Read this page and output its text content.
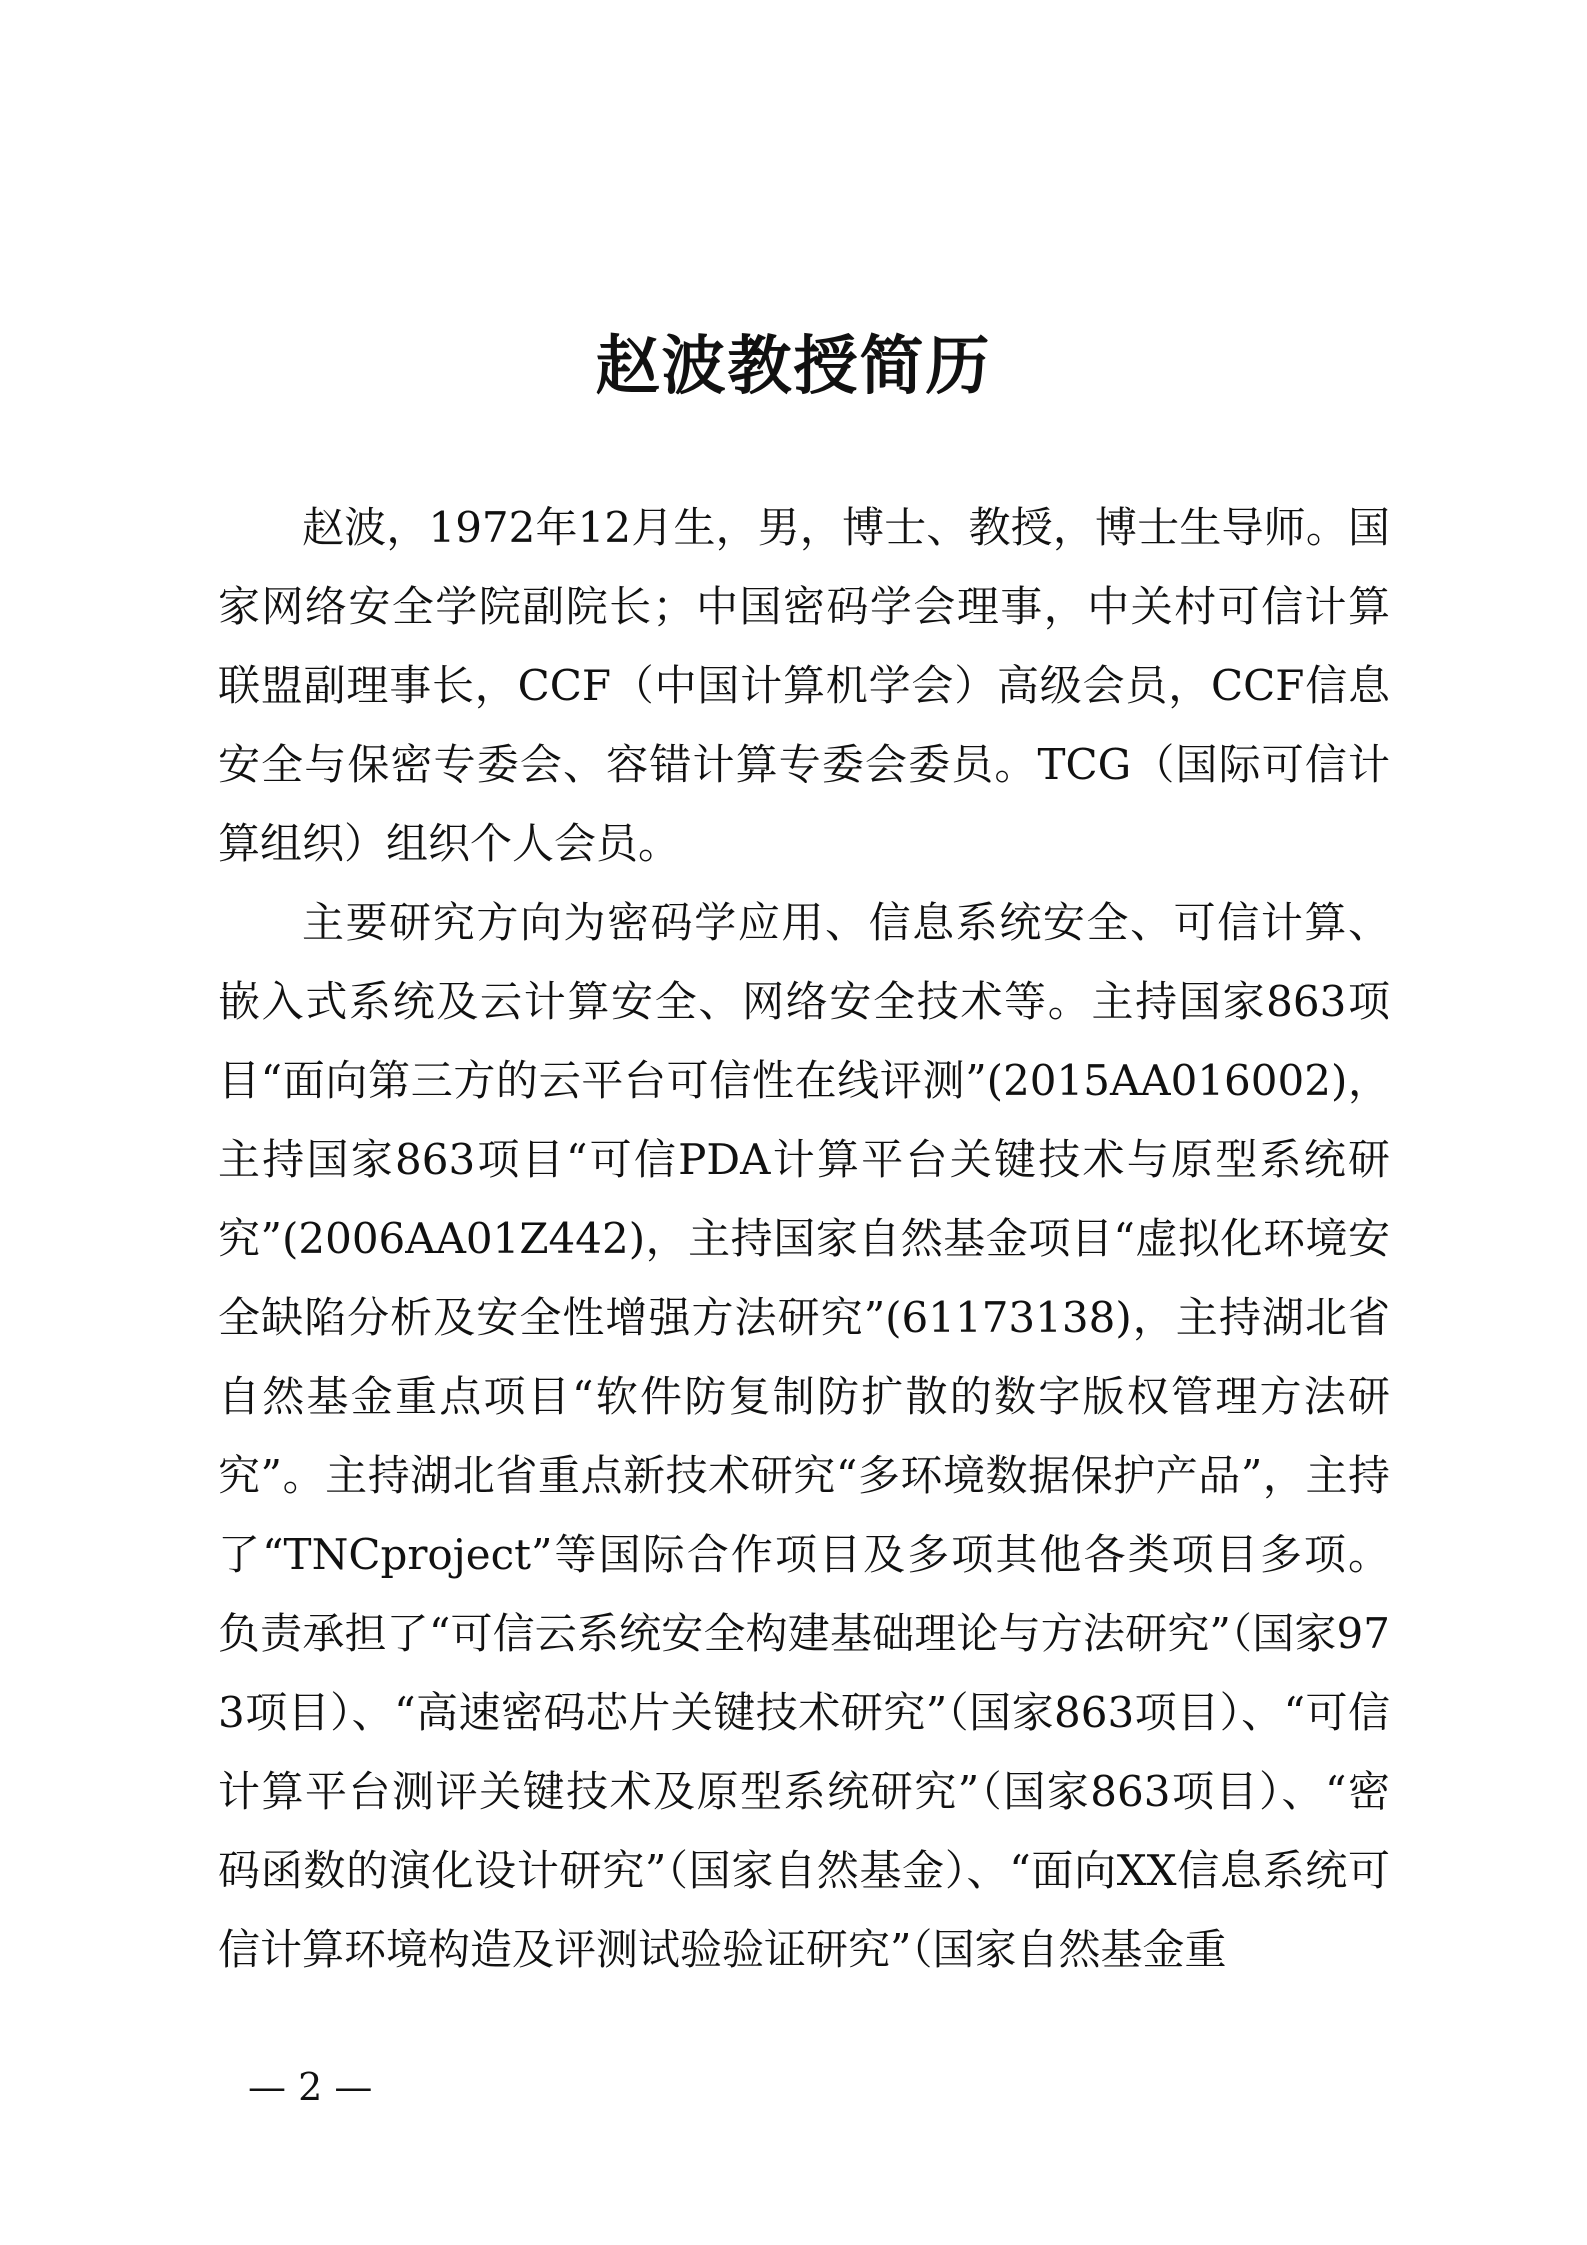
赵波教授简历

赵波，1972年12月生，男，博士、教授，博士生导师。国家网络安全学院副院长；中国密码学会理事，中关村可信计算联盟副理事长，CCF（中国计算机学会）高级会员，CCF信息安全与保密专委会、容错计算专委会委员。TCG（国际可信计算组织）组织个人会员。

主要研究方向为密码学应用、信息系统安全、可信计算、嵌入式系统及云计算安全、网络安全技术等。主持国家863项目“面向第三方的云平台可信性在线评测”(2015AA016002)，主持国家863项目“可信PDA计算平台关键技术与原型系统研究”(2006AA01Z442)，主持国家自然基金项目“虚拟化环境安全缺陷分析及安全性增强方法研究”(61173138)，主持湖北省自然基金重点项目“软件防复制防扩散的数字版权管理方法研究”。主持湖北省重点新技术研究“多环境数据保护产品”，主持了“TNCproject”等国际合作项目及多项其他各类项目多项。负责承担了“可信云系统安全构建基础理论与方法研究”（国家973项目）、“高速密码芯片关键技术研究”（国家863项目）、“可信计算平台测评关键技术及原型系统研究”（国家863项目）、“密码函数的演化设计研究”（国家自然基金）、“面向XX信息系统可信计算环境构造及评测试验验证研究”（国家自然基金重

— 2 —
